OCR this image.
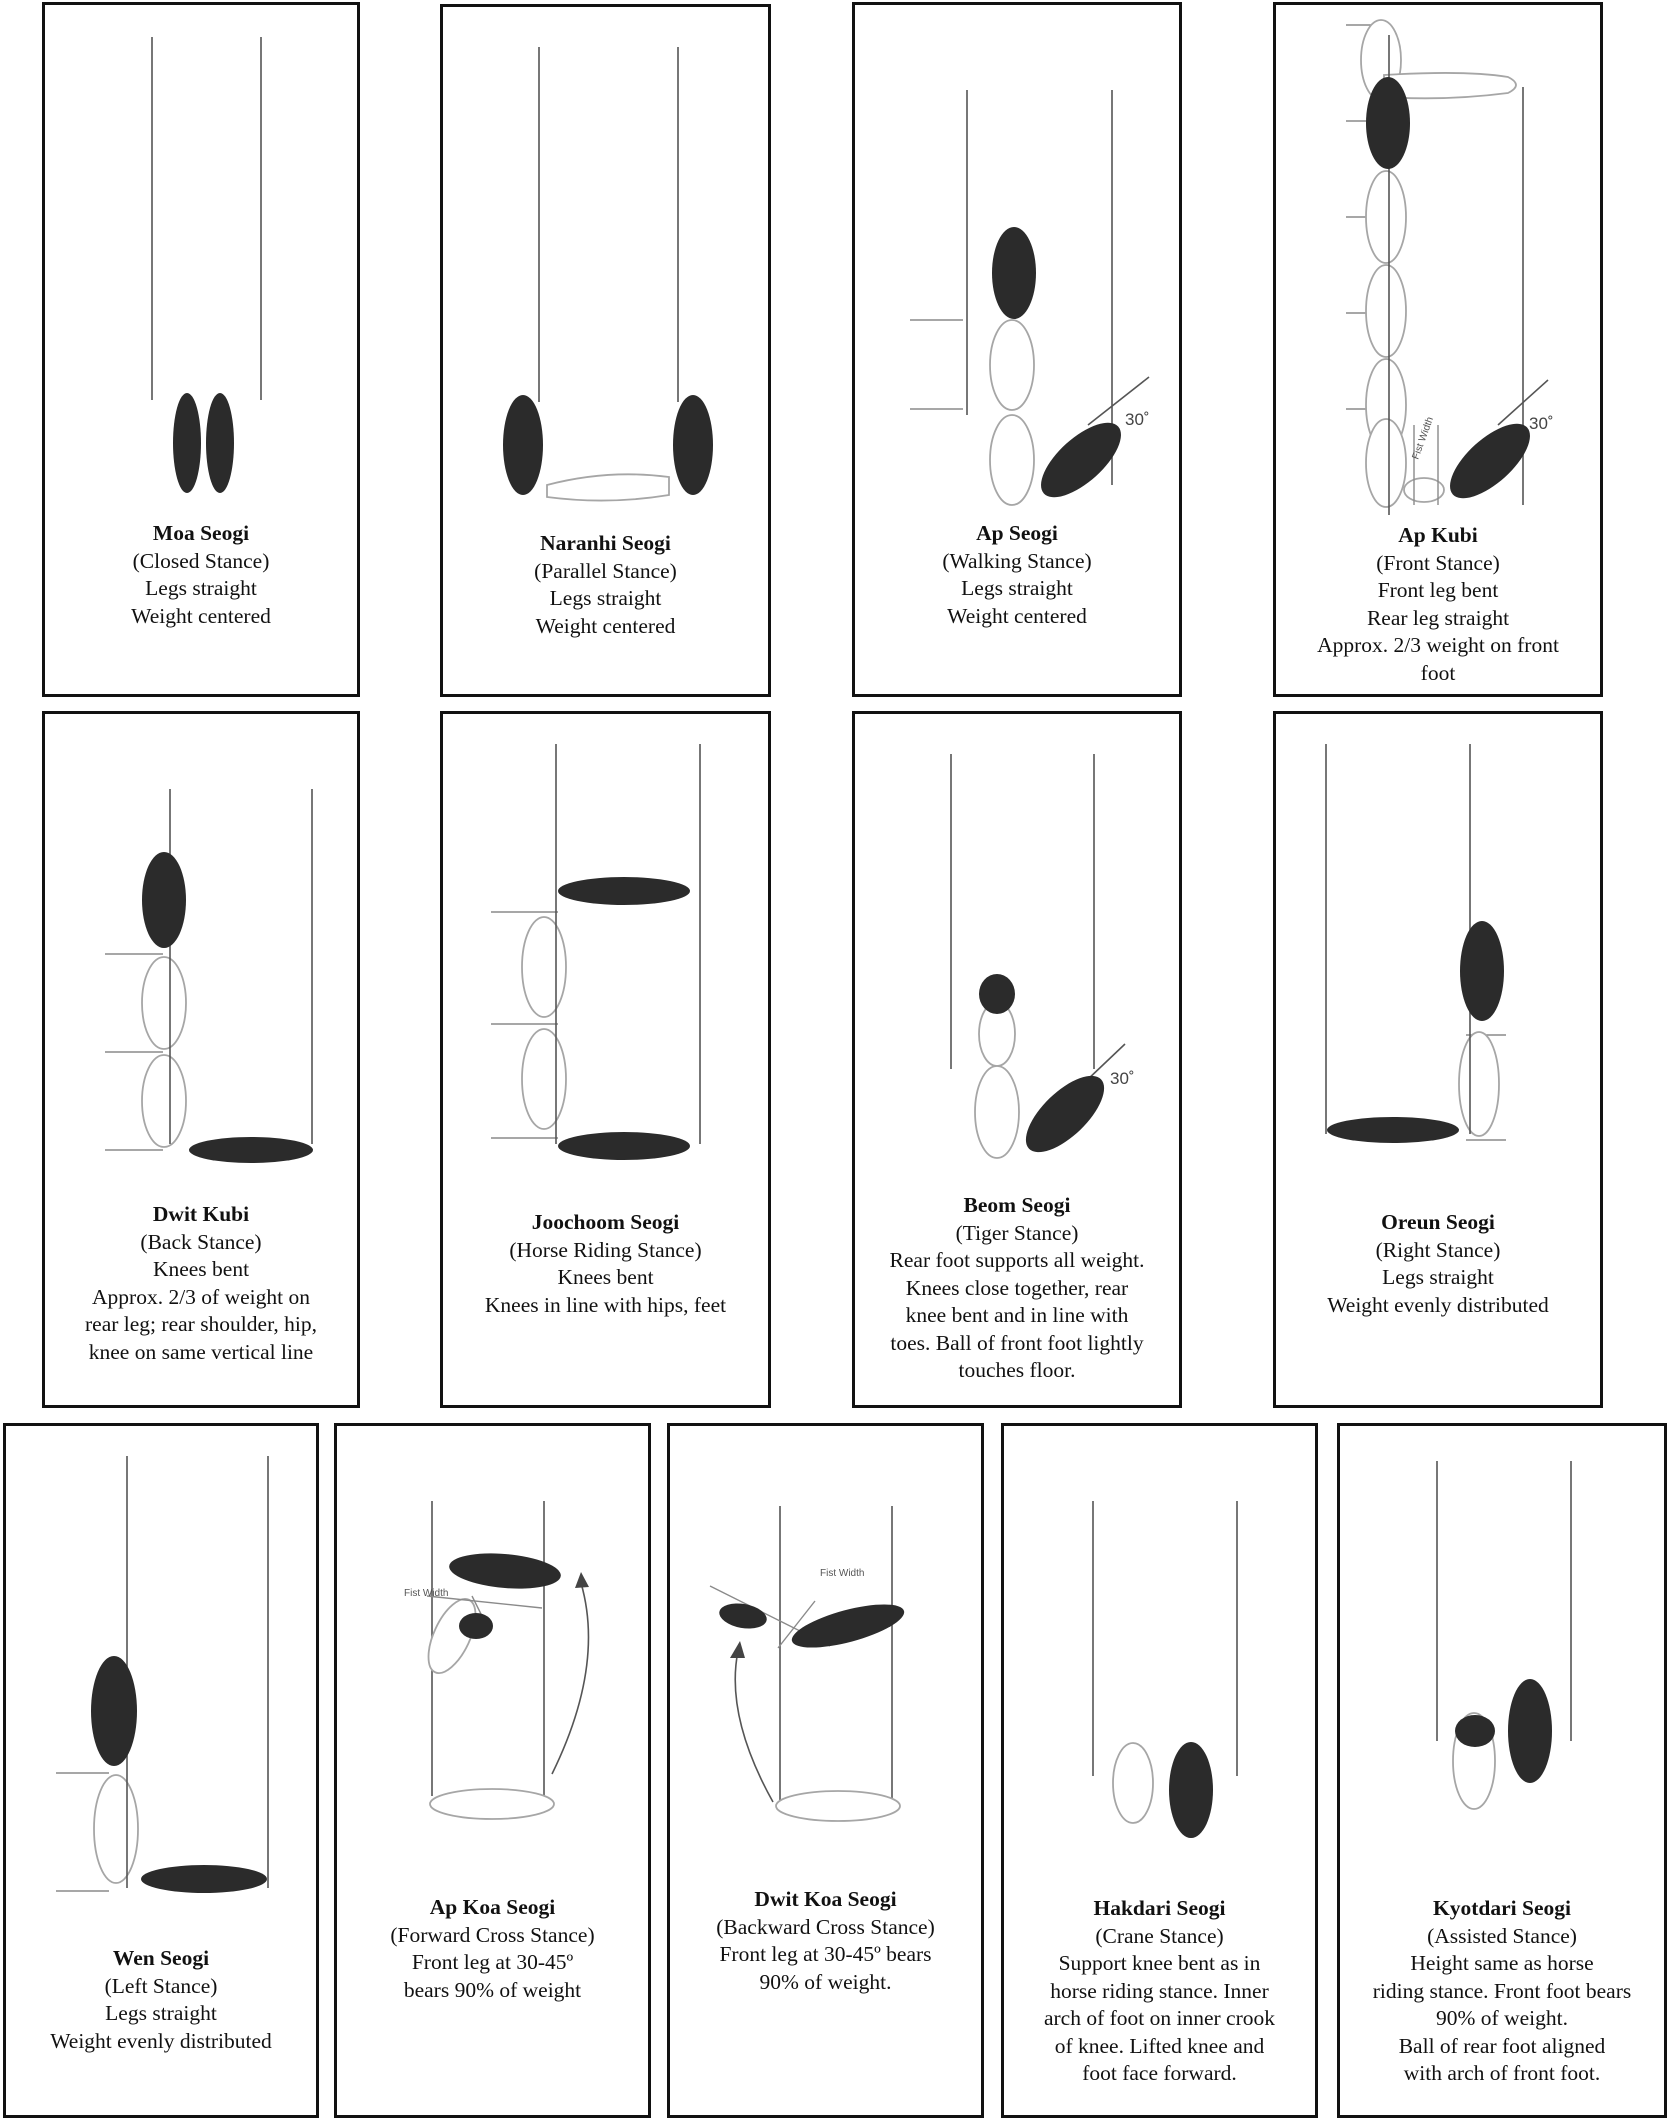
Moa Seogi
(Closed Stance)
Legs straight
Weight centered
Naranhi Seogi
(Parallel Stance)
Legs straight
Weight centered
30˚
Ap Seogi
(Walking Stance)
Legs straight
Weight centered
Fist Width	30˚
Ap Kubi
(Front Stance)
Front leg bent
Rear leg straight
Approx. 2/3 weight on front
foot
Dwit Kubi
(Back Stance)
Knees bent
Approx. 2/3 of weight on
rear leg; rear shoulder, hip,
knee on same vertical line
Joochoom Seogi
(Horse Riding Stance)
Knees bent
Knees in line with hips, feet
30˚
Beom Seogi
(Tiger Stance)
Rear foot supports all weight.
Knees close together, rear
knee bent and in line with
toes. Ball of front foot lightly
touches floor.
Oreun Seogi
(Right Stance)
Legs straight
Weight evenly distributed
Wen Seogi
(Left Stance)
Legs straight
Weight evenly distributed
Fist Width
Ap Koa Seogi
(Forward Cross Stance)
Front leg at 30-45º
bears 90% of weight
Fist Width
Dwit Koa Seogi
(Backward Cross Stance)
Front leg at 30-45º bears
90% of weight.
Hakdari Seogi
(Crane Stance)
Support knee bent as in
horse riding stance. Inner
arch of foot on inner crook
of knee. Lifted knee and
foot face forward.
Kyotdari Seogi
(Assisted Stance)
Height same as horse
riding stance. Front foot bears
90% of weight.
Ball of rear foot aligned
with arch of front foot.
